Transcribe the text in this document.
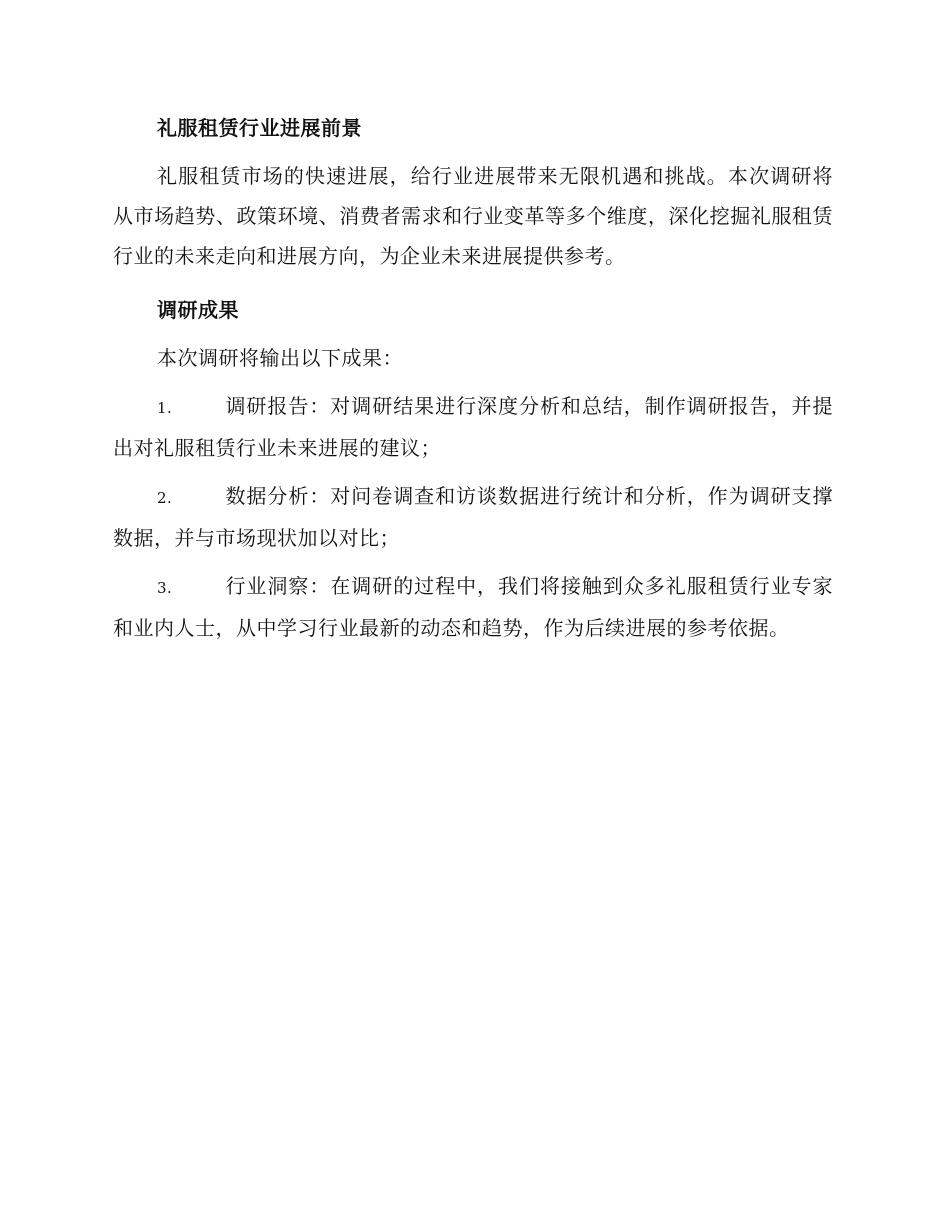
礼服租赁行业进展前景

礼服租赁市场的快速进展，给行业进展带来无限机遇和挑战。本次调研将从市场趋势、政策环境、消费者需求和行业变革等多个维度，深化挖掘礼服租赁行业的未来走向和进展方向，为企业未来进展提供参考。

调研成果

本次调研将输出以下成果：

1.	调研报告：对调研结果进行深度分析和总结，制作调研报告，并提出对礼服租赁行业未来进展的建议；

2.	数据分析：对问卷调查和访谈数据进行统计和分析，作为调研支撑数据，并与市场现状加以对比；

3.	行业洞察：在调研的过程中，我们将接触到众多礼服租赁行业专家和业内人士，从中学习行业最新的动态和趋势，作为后续进展的参考依据。
